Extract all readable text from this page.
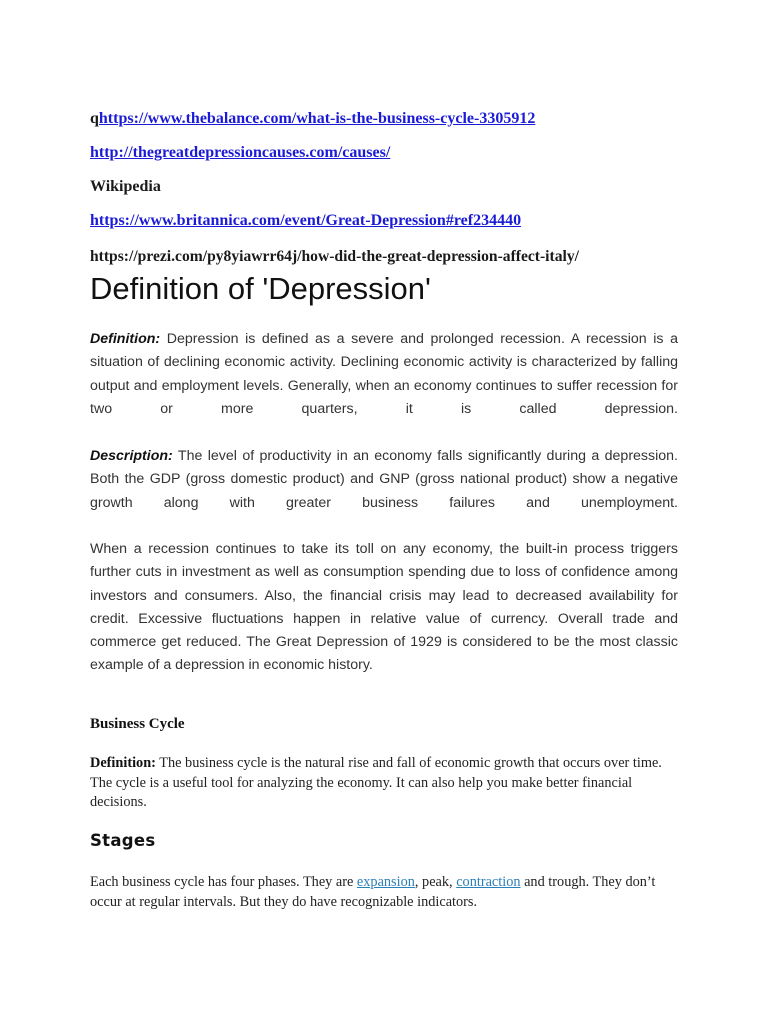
qhttps://www.thebalance.com/what-is-the-business-cycle-3305912
http://thegreatdepressioncauses.com/causes/
Wikipedia
https://www.britannica.com/event/Great-Depression#ref234440
https://prezi.com/py8yiawrr64j/how-did-the-great-depression-affect-italy/
Definition of 'Depression'

Definition: Depression is defined as a severe and prolonged recession. A recession is a situation of declining economic activity. Declining economic activity is characterized by falling output and employment levels. Generally, when an economy continues to suffer recession for two or more quarters, it is called depression.

Description: The level of productivity in an economy falls significantly during a depression. Both the GDP (gross domestic product) and GNP (gross national product) show a negative growth along with greater business failures and unemployment.

When a recession continues to take its toll on any economy, the built-in process triggers further cuts in investment as well as consumption spending due to loss of confidence among investors and consumers. Also, the financial crisis may lead to decreased availability for credit. Excessive fluctuations happen in relative value of currency. Overall trade and commerce get reduced. The Great Depression of 1929 is considered to be the most classic example of a depression in economic history.

Business Cycle

Definition: The business cycle is the natural rise and fall of economic growth that occurs over time. The cycle is a useful tool for analyzing the economy. It can also help you make better financial decisions.

Stages

Each business cycle has four phases. They are expansion, peak, contraction and trough. They don’t occur at regular intervals. But they do have recognizable indicators.
